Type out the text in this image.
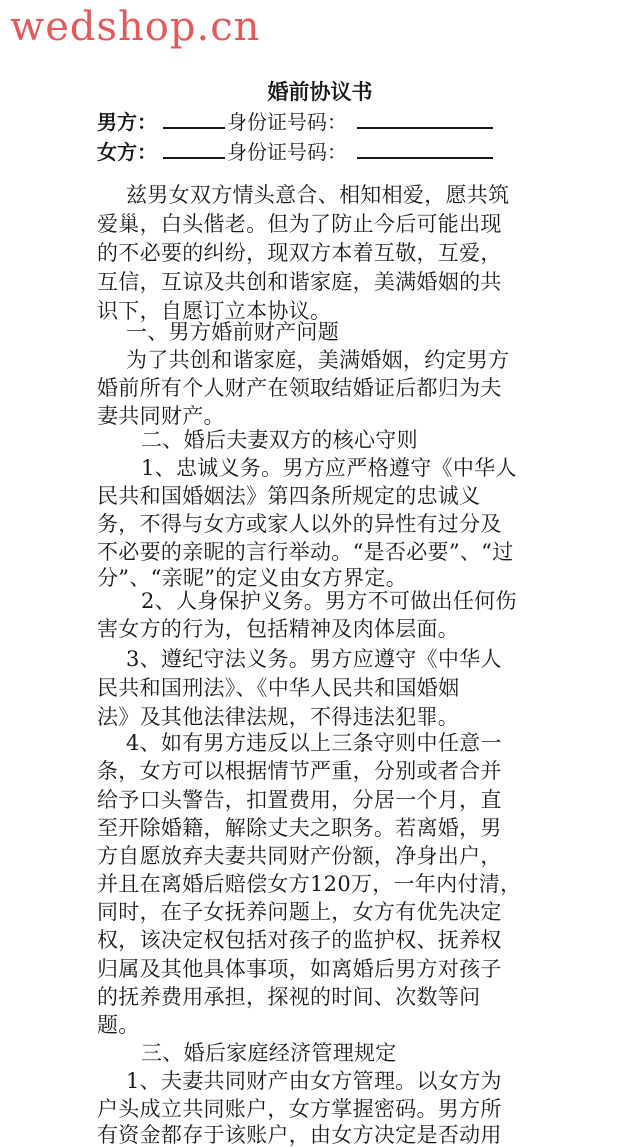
wedshop.cn
婚前协议书
男方：	身份证号码：
女方：	身份证号码：
兹男女双方情头意合、相知相爱，愿共筑
爱巢，白头偕老。但为了防止今后可能出现
的不必要的纠纷，现双方本着互敬，互爱，
互信，互谅及共创和谐家庭，美满婚姻的共
识下，自愿订立本协议。
一、男方婚前财产问题
为了共创和谐家庭，美满婚姻，约定男方
婚前所有个人财产在领取结婚证后都归为夫
妻共同财产。
二、婚后夫妻双方的核心守则
1、忠诚义务。男方应严格遵守《中华人
民共和国婚姻法》第四条所规定的忠诚义
务，不得与女方或家人以外的异性有过分及
不必要的亲昵的言行举动。“是否必要”、“过
分”、“亲昵”的定义由女方界定。
2、人身保护义务。男方不可做出任何伤
害女方的行为，包括精神及肉体层面。
3、遵纪守法义务。男方应遵守《中华人
民共和国刑法》、《中华人民共和国婚姻
法》及其他法律法规，不得违法犯罪。
4、如有男方违反以上三条守则中任意一
条，女方可以根据情节严重，分别或者合并
给予口头警告，扣置费用，分居一个月，直
至开除婚籍，解除丈夫之职务。若离婚，男
方自愿放弃夫妻共同财产份额，净身出户，
并且在离婚后赔偿女方120万，一年内付清，
同时，在子女抚养问题上，女方有优先决定
权，该决定权包括对孩子的监护权、抚养权
归属及其他具体事项，如离婚后男方对孩子
的抚养费用承担，探视的时间、次数等问
题。
三、婚后家庭经济管理规定
1、夫妻共同财产由女方管理。以女方为
户头成立共同账户，女方掌握密码。男方所
有资金都存于该账户，由女方决定是否动用
